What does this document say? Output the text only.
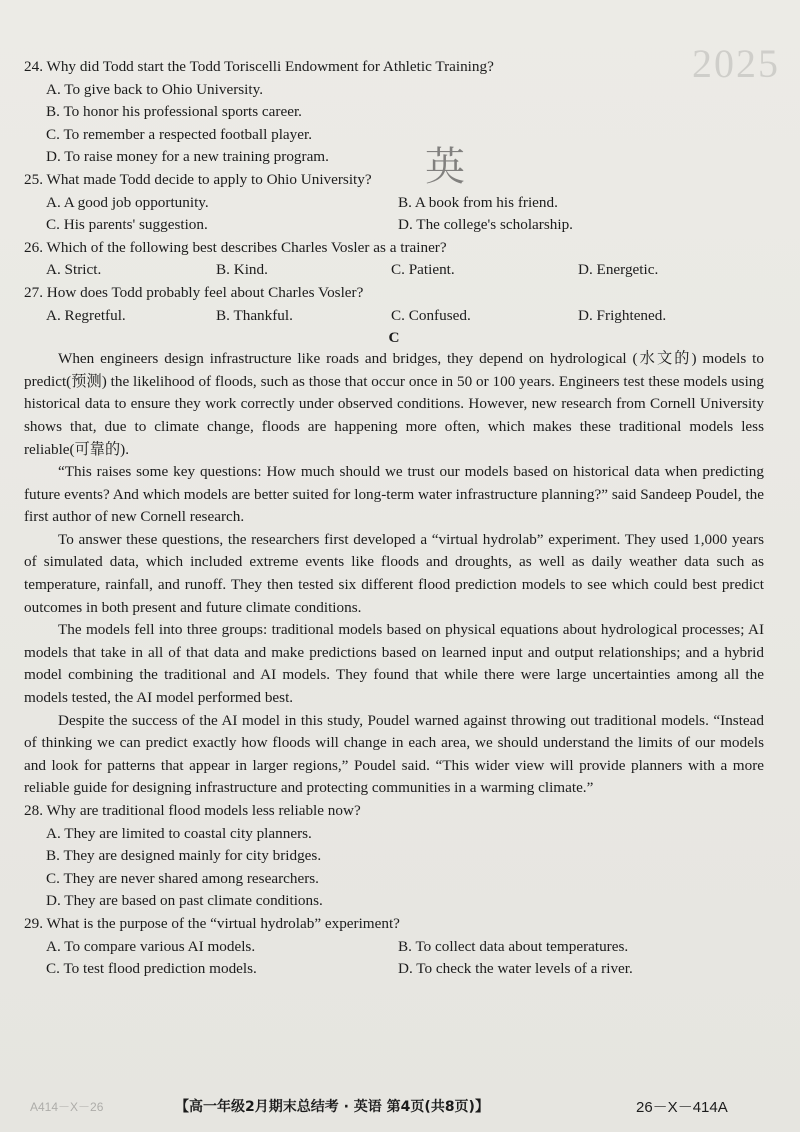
2025
英

24. Why did Todd start the Todd Toriscelli Endowment for Athletic Training?

A. To give back to Ohio University.

B. To honor his professional sports career.

C. To remember a respected football player.

D. To raise money for a new training program.

25. What made Todd decide to apply to Ohio University?

A. A good job opportunity.	B. A book from his friend.
C. His parents' suggestion.	D. The college's scholarship.

26. Which of the following best describes Charles Vosler as a trainer?

A. Strict.	B. Kind.	C. Patient.	D. Energetic.

27. How does Todd probably feel about Charles Vosler?

A. Regretful.	B. Thankful.	C. Confused.	D. Frightened.

C

When engineers design infrastructure like roads and bridges, they depend on hydrological (水文的) models to predict(预测) the likelihood of floods, such as those that occur once in 50 or 100 years. Engineers test these models using historical data to ensure they work correctly under observed conditions. However, new research from Cornell University shows that, due to climate change, floods are happening more often, which makes these traditional models less reliable(可靠的).

“This raises some key questions: How much should we trust our models based on historical data when predicting future events? And which models are better suited for long-term water infrastructure planning?” said Sandeep Poudel, the first author of new Cornell research.

To answer these questions, the researchers first developed a “virtual hydrolab” experiment. They used 1,000 years of simulated data, which included extreme events like floods and droughts, as well as daily weather data such as temperature, rainfall, and runoff. They then tested six different flood prediction models to see which could best predict outcomes in both present and future climate conditions.

The models fell into three groups: traditional models based on physical equations about hydrological processes; AI models that take in all of that data and make predictions based on learned input and output relationships; and a hybrid model combining the traditional and AI models. They found that while there were large uncertainties among all the models tested, the AI model performed best.

Despite the success of the AI model in this study, Poudel warned against throwing out traditional models. “Instead of thinking we can predict exactly how floods will change in each area, we should understand the limits of our models and look for patterns that appear in larger regions,” Poudel said. “This wider view will provide planners with a more reliable guide for designing infrastructure and protecting communities in a warming climate.”

28. Why are traditional flood models less reliable now?

A. They are limited to coastal city planners.

B. They are designed mainly for city bridges.

C. They are never shared among researchers.

D. They are based on past climate conditions.

29. What is the purpose of the “virtual hydrolab” experiment?

A. To compare various AI models.	B. To collect data about temperatures.
C. To test flood prediction models.	D. To check the water levels of a river.
A414－X－26	【高一年级2月期末总结考 · 英语 第4页(共8页)】	26－X－414A
